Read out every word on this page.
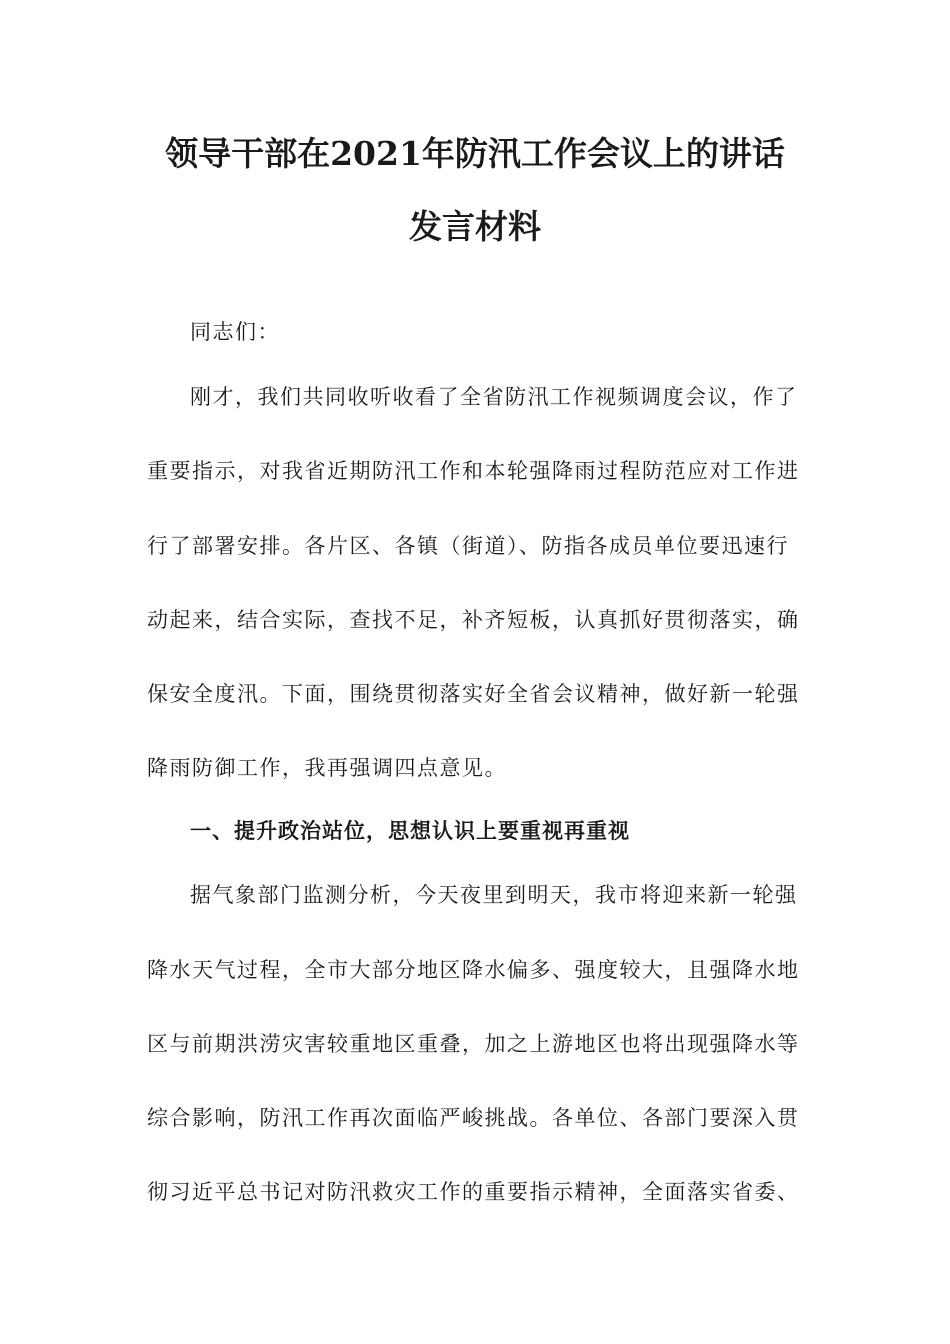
领导干部在2021年防汛工作会议上的讲话
发言材料
同志们：
刚才，我们共同收听收看了全省防汛工作视频调度会议，作了
重要指示，对我省近期防汛工作和本轮强降雨过程防范应对工作进
行了部署安排。各片区、各镇（街道）、防指各成员单位要迅速行
动起来，结合实际，查找不足，补齐短板，认真抓好贯彻落实，确
保安全度汛。下面，围绕贯彻落实好全省会议精神，做好新一轮强
降雨防御工作，我再强调四点意见。
一、提升政治站位，思想认识上要重视再重视
据气象部门监测分析，今天夜里到明天，我市将迎来新一轮强
降水天气过程，全市大部分地区降水偏多、强度较大，且强降水地
区与前期洪涝灾害较重地区重叠，加之上游地区也将出现强降水等
综合影响，防汛工作再次面临严峻挑战。各单位、各部门要深入贯
彻习近平总书记对防汛救灾工作的重要指示精神，全面落实省委、
